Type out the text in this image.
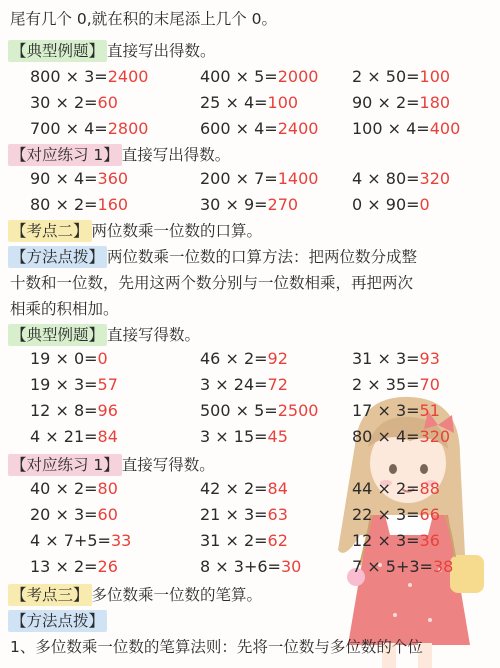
尾有几个 0,就在积的末尾添上几个 0。
【典型例题】 直接写出得数。
800 × 3=2400	400 × 5=2000 2 × 50=100
30 × 2=60	25 × 4=100	90 × 2=180
700 × 4=2800	600 × 4=2400 100 × 4=400
【对应练习 1】 直接写出得数。
90 × 4=360	200 × 7=1400 4 × 80=320
80 × 2=160	30 × 9=270	0 × 90=0
【考点二】 两位数乘一位数的口算。
【方法点拨】 两位数乘一位数的口算方法：把两位数分成整
十数和一位数，先用这两个数分别与一位数相乘，再把两次
相乘的积相加。
【典型例题】 直接写得数。
19 × 0=0	46 × 2=92	31 × 3=93
19 × 3=57	3 × 24=72	2 × 35=70
12 × 8=96	500 × 5=2500 17 × 3=51
4 × 21=84	3 × 15=45	80 × 4=320
【对应练习 1】 直接写得数。
40 × 2=80	42 × 2=84	44 × 2=88
20 × 3=60	21 × 3=63	22 × 3=66
4 × 7+5=33	31 × 2=62	12 × 3=36
13 × 2=26	8 × 3+6=30	7 × 5+3=38
【考点三】 多位数乘一位数的笔算。
【方法点拨】
1、多位数乘一位数的笔算法则：先将一位数与多位数的个位
